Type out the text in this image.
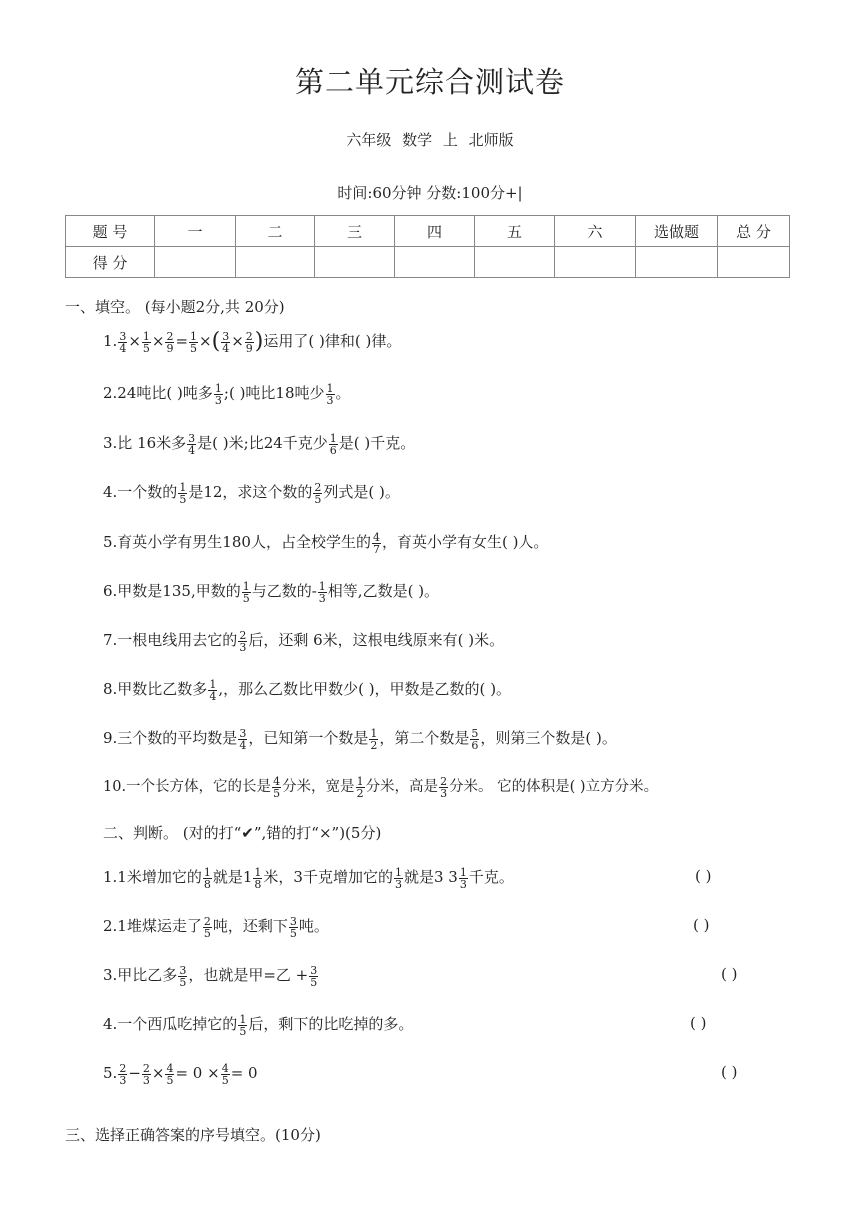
第二单元综合测试卷
六年级 数学 上 北师版
时间:60分钟 分数:100分+|
题 号	一	二	三	四	五	六	选做题	总 分
得 分								
一、填空。 (每小题2分,共 20分)
1. $\frac{3}{4} \times \frac{1}{5} \times \frac{2}{9} = \frac{1}{5}$ ×( $\frac{3}{4} \times \frac{2}{9}$ )运用了( )律和( )律。
2.24吨比( )吨多 $\frac{1}{3}$ ;( )吨比18吨少 $\frac{1}{3}$ 。
3.比 16米多 $\frac{3}{4}$ 是( )米;比24千克少 $\frac{1}{6}$ 是( )千克。
4.一个数的 $\frac{1}{5}$ 是12，求这个数的 $\frac{2}{5}$ 列式是( )。
5.育英小学有男生180人，占全校学生的 $\frac{4}{7}$ ，育英小学有女生( )人。
6.甲数是135,甲数的 $\frac{1}{5}$ 与乙数的- $\frac{1}{3}$ 相等,乙数是( )。
7.一根电线用去它的 $\frac{2}{3}$ 后，还剩 6米，这根电线原来有( )米。
8.甲数比乙数多 $\frac{1}{4}$ ,，那么乙数比甲数少( )，甲数是乙数的( )。
9.三个数的平均数是 $\frac{3}{4}$ ，已知第一个数是 $\frac{1}{2}$ ，第二个数是 $\frac{5}{6}$ ，则第三个数是( )。
10.一个长方体，它的长是 $\frac{4}{5}$ 分米，宽是 $\frac{1}{2}$ 分米，高是 $\frac{2}{3}$ 分米。 它的体积是( )立方分米。
二、判断。 (对的打“✔”,错的打“×”)(5分)
1.1米增加它的 $\frac{1}{8}$ 就是$1 \frac{1}{8}$ 米，3千克增加它的 $\frac{1}{3}$ 就是3 $3 \frac{1}{3}$ 千克。	( )
2.1堆煤运走了 $\frac{2}{5}$ 吨，还剩下 $\frac{3}{5}$ 吨。	( )
3.甲比乙多 $\frac{3}{5}$ ，也就是甲=乙 + $\frac{3}{5}$	( )
4.一个西瓜吃掉它的 $\frac{1}{5}$ 后，剩下的比吃掉的多。	( )
5. $\frac{2}{3} - \frac{2}{3} \times \frac{4}{5} = 0 \times \frac{4}{5} = 0$	( )
三、选择正确答案的序号填空。(10分)
